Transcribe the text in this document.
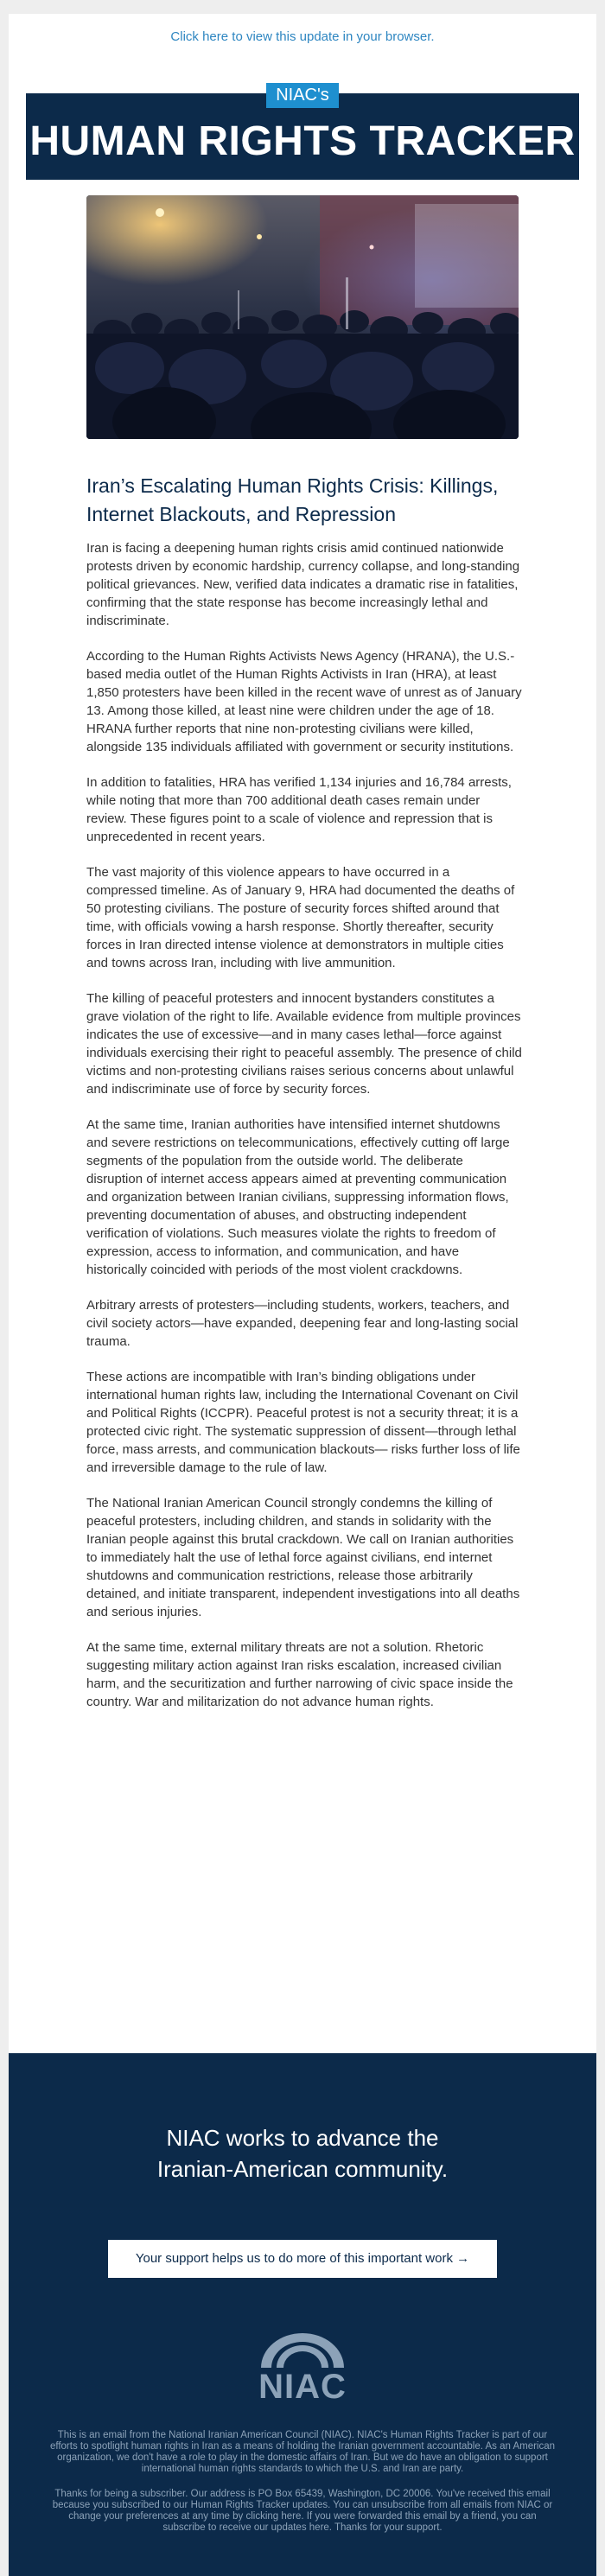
Click here to view this update in your browser.
HUMAN RIGHTS TRACKER
NIAC's
Iran’s Escalating Human Rights Crisis: Killings, Internet Blackouts, and Repression

Iran is facing a deepening human rights crisis amid continued nationwide protests driven by economic hardship, currency collapse, and long-standing political grievances. New, verified data indicates a dramatic rise in fatalities, confirming that the state response has become increasingly lethal and indiscriminate.

According to the Human Rights Activists News Agency (HRANA), the U.S.-based media outlet of the Human Rights Activists in Iran (HRA), at least 1,850 protesters have been killed in the recent wave of unrest as of January 13. Among those killed, at least nine were children under the age of 18. HRANA further reports that nine non-protesting civilians were killed, alongside 135 individuals affiliated with government or security institutions.

In addition to fatalities, HRA has verified 1,134 injuries and 16,784 arrests, while noting that more than 700 additional death cases remain under review. These figures point to a scale of violence and repression that is unprecedented in recent years.

The vast majority of this violence appears to have occurred in a compressed timeline. As of January 9, HRA had documented the deaths of 50 protesting civilians. The posture of security forces shifted around that time, with officials vowing a harsh response. Shortly thereafter, security forces in Iran directed intense violence at demonstrators in multiple cities and towns across Iran, including with live ammunition.

The killing of peaceful protesters and innocent bystanders constitutes a grave violation of the right to life. Available evidence from multiple provinces indicates the use of excessive—and in many cases lethal—force against individuals exercising their right to peaceful assembly. The presence of child victims and non-protesting civilians raises serious concerns about unlawful and indiscriminate use of force by security forces.

At the same time, Iranian authorities have intensified internet shutdowns and severe restrictions on telecommunications, effectively cutting off large segments of the population from the outside world. The deliberate disruption of internet access appears aimed at preventing communication and organization between Iranian civilians, suppressing information flows, preventing documentation of abuses, and obstructing independent verification of violations. Such measures violate the rights to freedom of expression, access to information, and communication, and have historically coincided with periods of the most violent crackdowns.

Arbitrary arrests of protesters—including students, workers, teachers, and civil society actors—have expanded, deepening fear and long-lasting social trauma.

These actions are incompatible with Iran’s binding obligations under international human rights law, including the International Covenant on Civil and Political Rights (ICCPR). Peaceful protest is not a security threat; it is a protected civic right. The systematic suppression of dissent—through lethal force, mass arrests, and communication blackouts— risks further loss of life and irreversible damage to the rule of law.

The National Iranian American Council strongly condemns the killing of peaceful protesters, including children, and stands in solidarity with the Iranian people against this brutal crackdown. We call on Iranian authorities to immediately halt the use of lethal force against civilians, end internet shutdowns and communication restrictions, release those arbitrarily detained, and initiate transparent, independent investigations into all deaths and serious injuries.

At the same time, external military threats are not a solution. Rhetoric suggesting military action against Iran risks escalation, increased civilian harm, and the securitization and further narrowing of civic space inside the country. War and militarization do not advance human rights.

NIAC works to advance the Iranian-American community.
Your support helps us to do more of this important work →
NIAC

This is an email from the National Iranian American Council (NIAC). NIAC's Human Rights Tracker is part of our efforts to spotlight human rights in Iran as a means of holding the Iranian government accountable. As an American organization, we don't have a role to play in the domestic affairs of Iran. But we do have an obligation to support international human rights standards to which the U.S. and Iran are party.

Thanks for being a subscriber. Our address is PO Box 65439, Washington, DC 20006. You've received this email because you subscribed to our Human Rights Tracker updates. You can unsubscribe from all emails from NIAC or change your preferences at any time by clicking here. If you were forwarded this email by a friend, you can subscribe to receive our updates here. Thanks for your support.
